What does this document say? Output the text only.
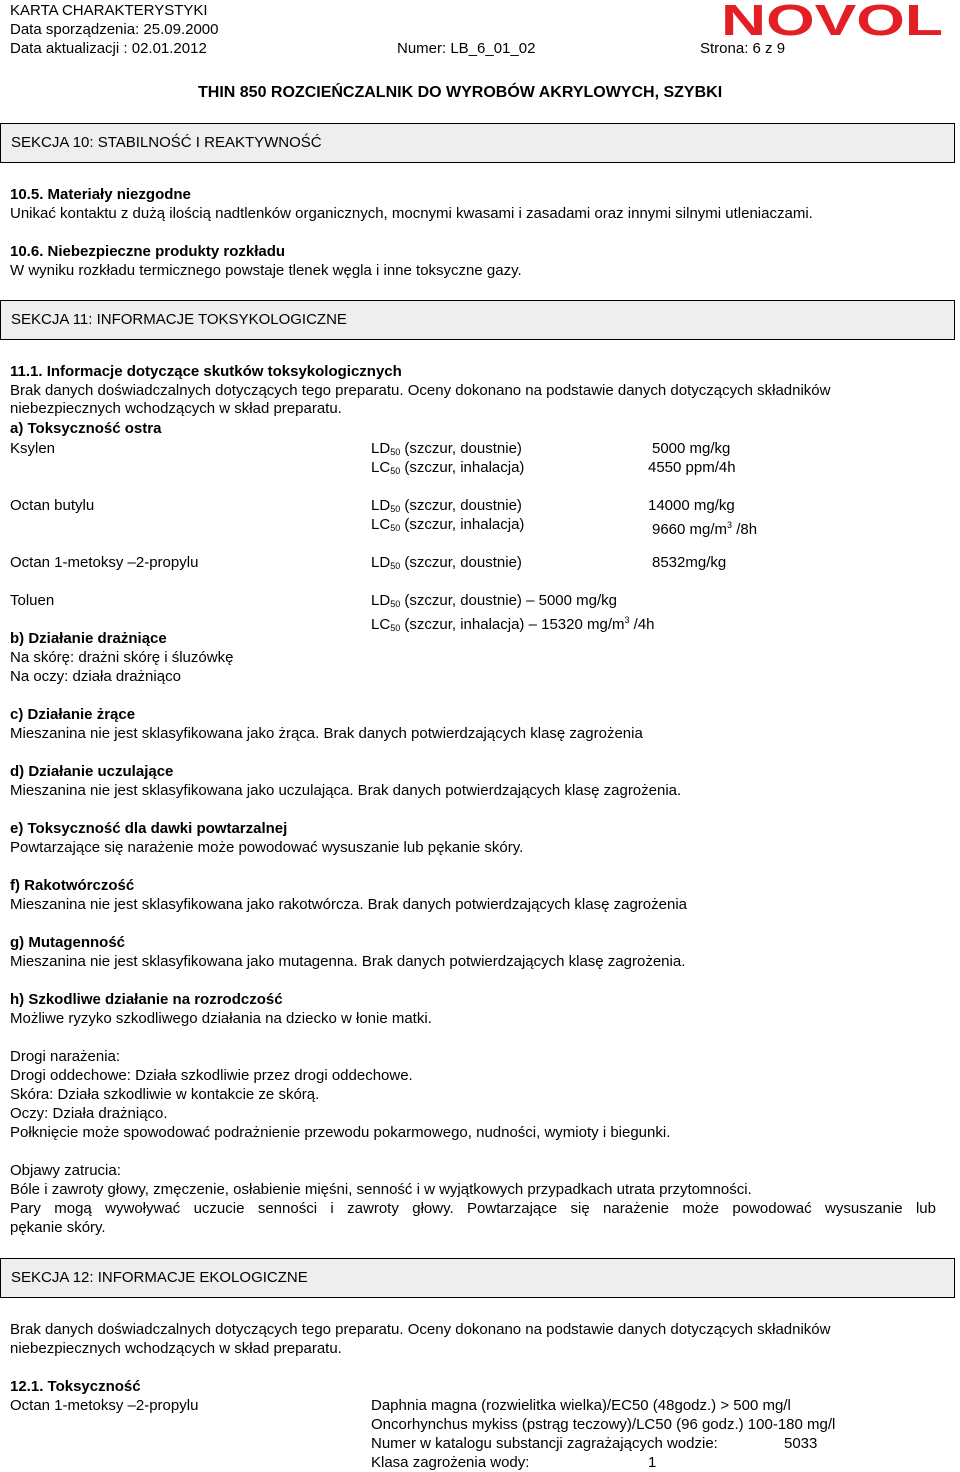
KARTA CHARAKTERYSTYKI
Data sporządzenia: 25.09.2000
Data aktualizacji : 02.01.2012	Numer: LB_6_01_02	Strona: 6 z 9
NOVOL
THIN 850 ROZCIEŃCZALNIK DO WYROBÓW AKRYLOWYCH, SZYBKI
SEKCJA 10: STABILNOŚĆ I REAKTYWNOŚĆ
10.5. Materiały niezgodne
Unikać kontaktu z dużą ilością nadtlenków organicznych, mocnymi kwasami i zasadami oraz innymi silnymi utleniaczami.
10.6. Niebezpieczne produkty rozkładu
W wyniku rozkładu termicznego powstaje tlenek węgla i inne toksyczne gazy.
SEKCJA 11: INFORMACJE TOKSYKOLOGICZNE
11.1. Informacje dotyczące skutków toksykologicznych
Brak danych doświadczalnych dotyczących tego preparatu. Oceny dokonano na podstawie danych dotyczących składników
niebezpiecznych wchodzących w skład preparatu.
a) Toksyczność ostra
Ksylen	$LD_{50}$ (szczur, doustnie)	5000 mg/kg
$LC_{50}$ (szczur, inhalacja)	4550 ppm/4h
Octan butylu	$LD_{50}$ (szczur, doustnie)	14000 mg/kg
$LC_{50}$ (szczur, inhalacja)	9660 $mg/m^3$ /8h
Octan 1-metoksy –2-propylu	$LD_{50}$ (szczur, doustnie)	8532mg/kg
Toluen	$LD_{50}$ (szczur, doustnie) – 5000 mg/kg
$LC_{50}$ (szczur, inhalacja) – 15320 $mg/m^3$ /4h
b) Działanie drażniące
Na skórę: drażni skórę i śluzówkę
Na oczy: działa drażniąco
c) Działanie żrące
Mieszanina nie jest sklasyfikowana jako żrąca. Brak danych potwierdzających klasę zagrożenia
d) Działanie uczulające
Mieszanina nie jest sklasyfikowana jako uczulająca. Brak danych potwierdzających klasę zagrożenia.
e) Toksyczność dla dawki powtarzalnej
Powtarzające się narażenie może powodować wysuszanie lub pękanie skóry.
f) Rakotwórczość
Mieszanina nie jest sklasyfikowana jako rakotwórcza. Brak danych potwierdzających klasę zagrożenia
g) Mutagenność
Mieszanina nie jest sklasyfikowana jako mutagenna. Brak danych potwierdzających klasę zagrożenia.
h) Szkodliwe działanie na rozrodczość
Możliwe ryzyko szkodliwego działania na dziecko w łonie matki.
Drogi narażenia:
Drogi oddechowe: Działa szkodliwie przez drogi oddechowe.
Skóra: Działa szkodliwie w kontakcie ze skórą.
Oczy: Działa drażniąco.
Połknięcie może spowodować podrażnienie przewodu pokarmowego, nudności, wymioty i biegunki.
Objawy zatrucia:
Bóle i zawroty głowy, zmęczenie, osłabienie mięśni, senność i w wyjątkowych przypadkach utrata przytomności.
Pary mogą wywoływać uczucie senności i zawroty głowy. Powtarzające się narażenie może powodować wysuszanie lub
pękanie skóry.
SEKCJA 12: INFORMACJE EKOLOGICZNE
Brak danych doświadczalnych dotyczących tego preparatu. Oceny dokonano na podstawie danych dotyczących składników
niebezpiecznych wchodzących w skład preparatu.
12.1. Toksyczność
Octan 1-metoksy –2-propylu	Daphnia magna (rozwielitka wielka)/EC50 (48godz.) > 500 mg/l
Oncorhynchus mykiss (pstrąg teczowy)/LC50 (96 godz.) 100-180 mg/l
Numer w katalogu substancji zagrażających wodzie:	5033
Klasa zagrożenia wody:	1
